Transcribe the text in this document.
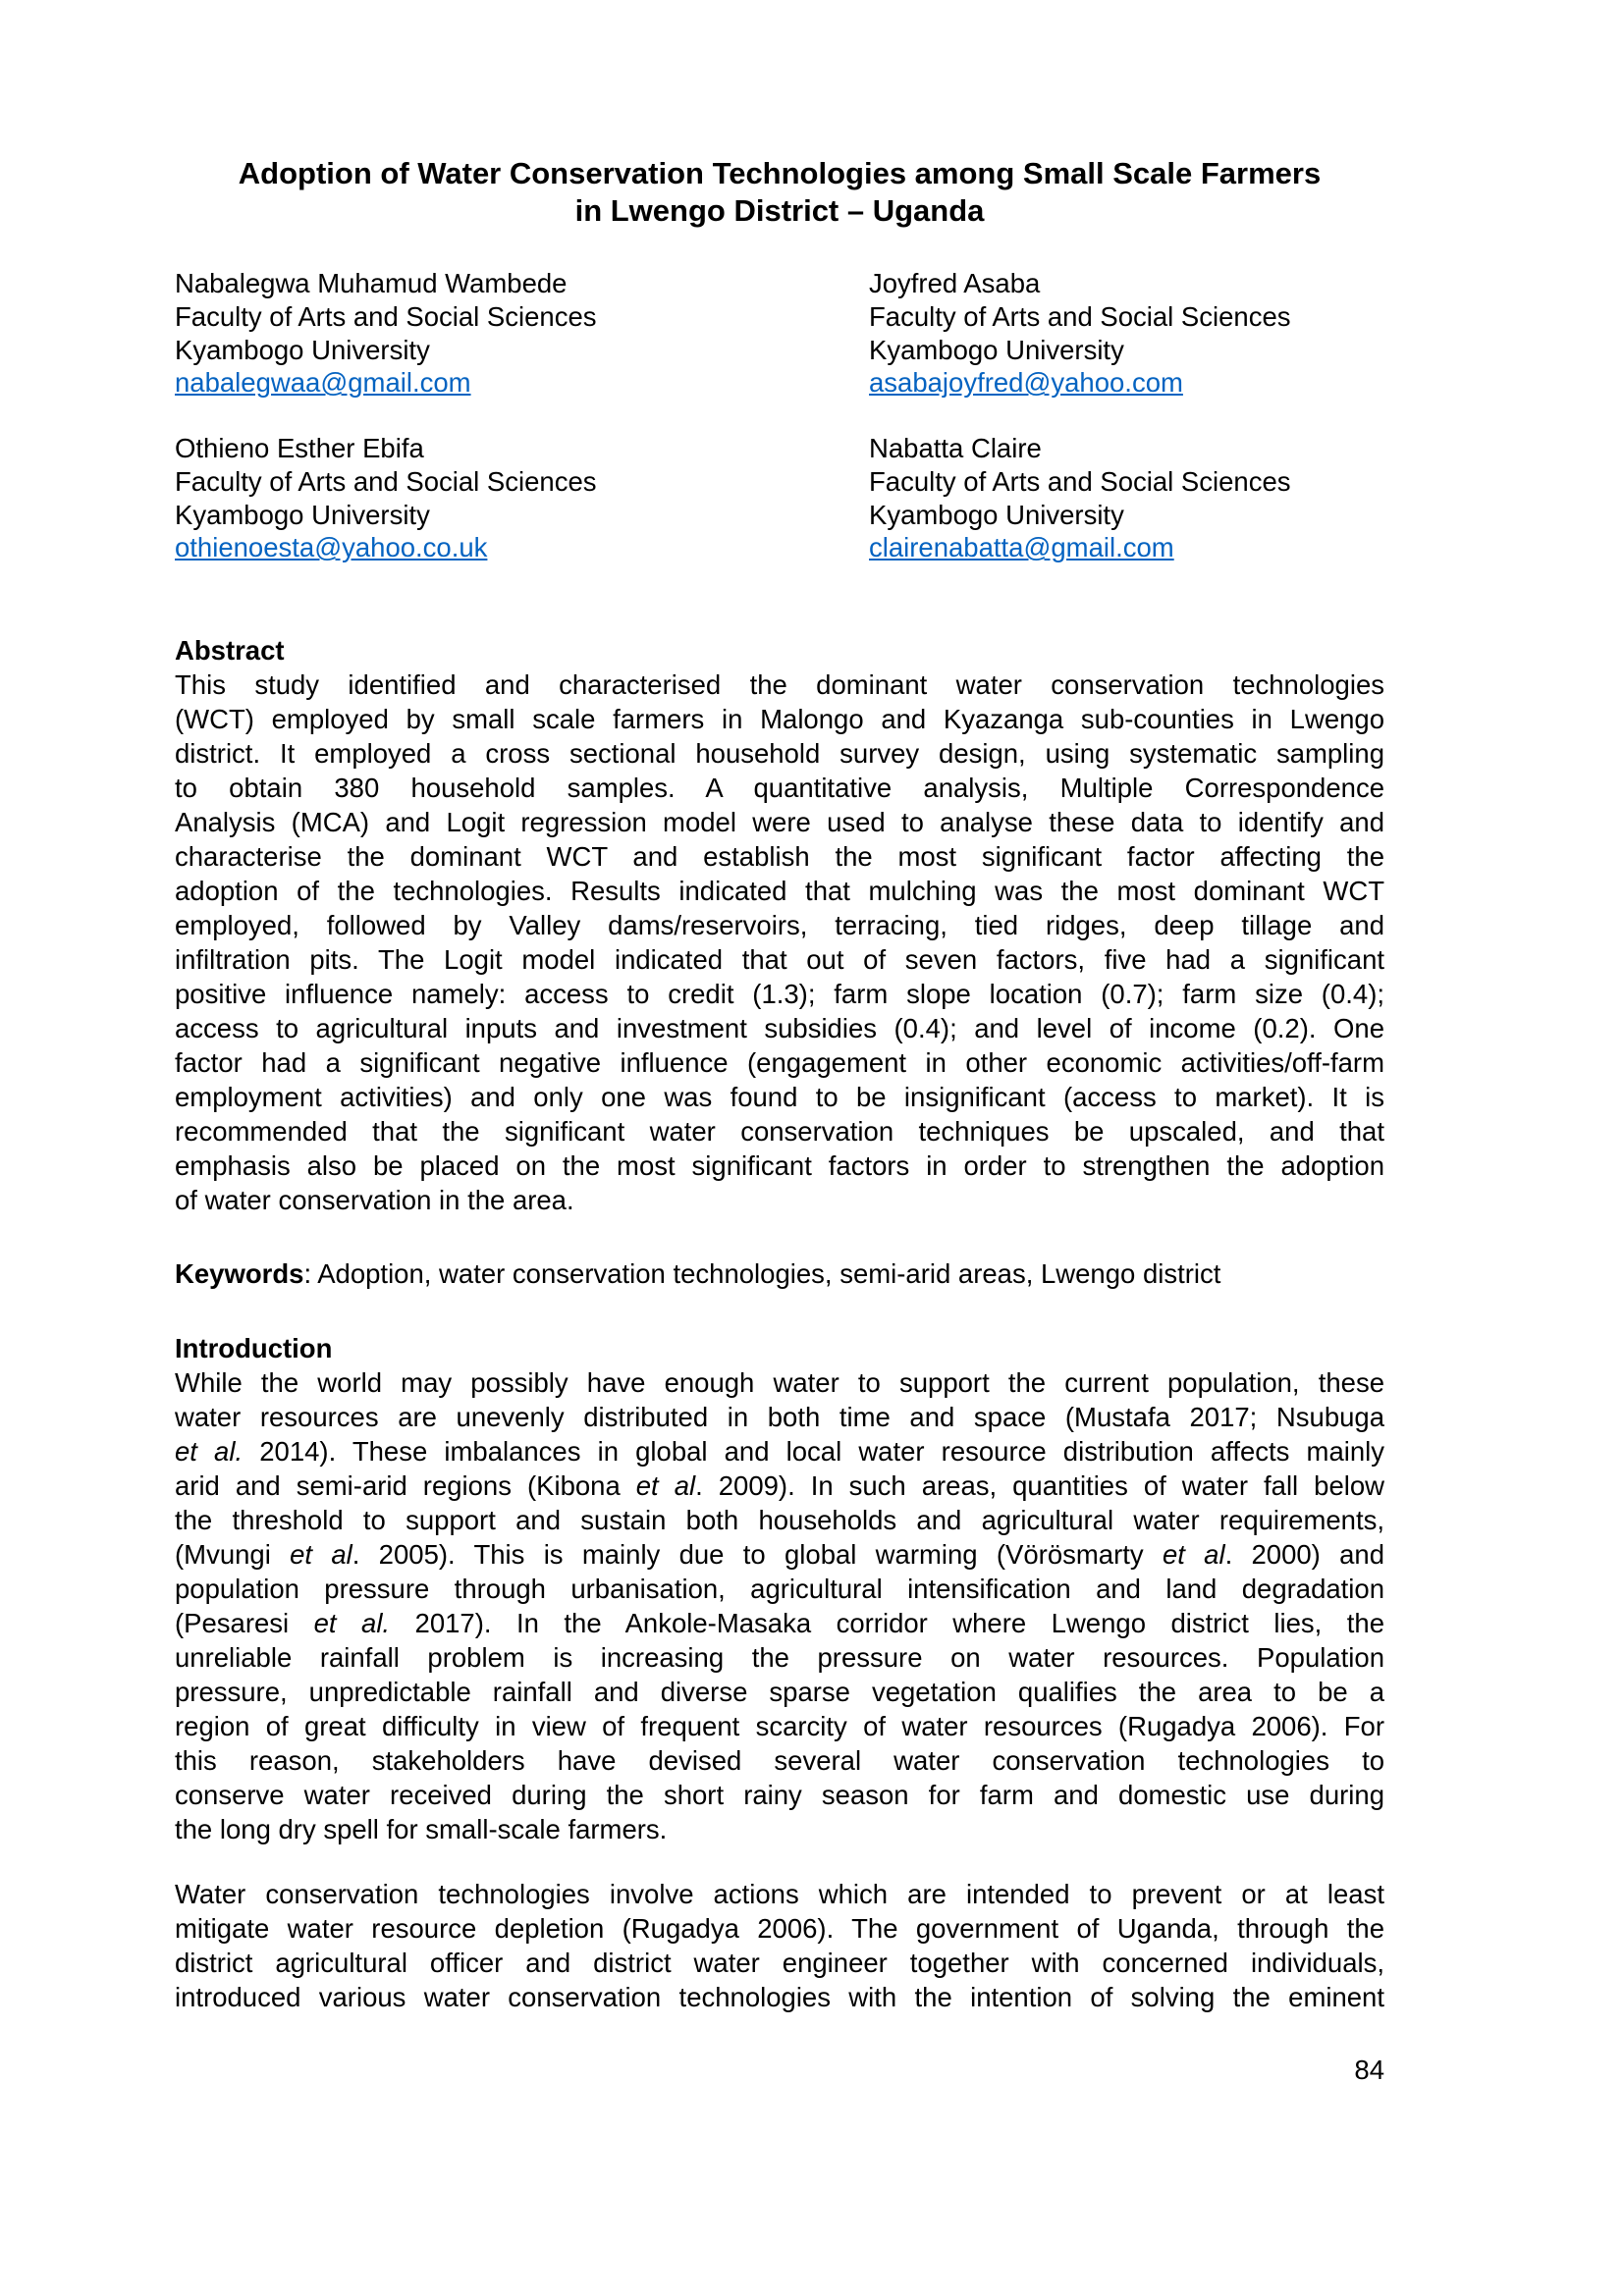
Adoption of Water Conservation Technologies among Small Scale Farmers
in Lwengo District – Uganda
Nabalegwa Muhamud Wambede
Faculty of Arts and Social Sciences
Kyambogo University
nabalegwaa@gmail.com
Joyfred Asaba
Faculty of Arts and Social Sciences
Kyambogo University
asabajoyfred@yahoo.com
Othieno Esther Ebifa
Faculty of Arts and Social Sciences
Kyambogo University
othienoesta@yahoo.co.uk
Nabatta Claire
Faculty of Arts and Social Sciences
Kyambogo University
clairenabatta@gmail.com
Abstract
This study identified and characterised the dominant water conservation technologies
(WCT) employed by small scale farmers in Malongo and Kyazanga sub-counties in Lwengo
district. It employed a cross sectional household survey design, using systematic sampling
to obtain 380 household samples. A quantitative analysis, Multiple Correspondence
Analysis (MCA) and Logit regression model were used to analyse these data to identify and
characterise the dominant WCT and establish the most significant factor affecting the
adoption of the technologies. Results indicated that mulching was the most dominant WCT
employed, followed by Valley dams/reservoirs, terracing, tied ridges, deep tillage and
infiltration pits. The Logit model indicated that out of seven factors, five had a significant
positive influence namely: access to credit (1.3); farm slope location (0.7); farm size (0.4);
access to agricultural inputs and investment subsidies (0.4); and level of income (0.2). One
factor had a significant negative influence (engagement in other economic activities/off-farm
employment activities) and only one was found to be insignificant (access to market). It is
recommended that the significant water conservation techniques be upscaled, and that
emphasis also be placed on the most significant factors in order to strengthen the adoption
of water conservation in the area.
Keywords: Adoption, water conservation technologies, semi-arid areas, Lwengo district
Introduction
While the world may possibly have enough water to support the current population, these
water resources are unevenly distributed in both time and space (Mustafa 2017; Nsubuga
et al. 2014). These imbalances in global and local water resource distribution affects mainly
arid and semi-arid regions (Kibona et al. 2009). In such areas, quantities of water fall below
the threshold to support and sustain both households and agricultural water requirements,
(Mvungi et al. 2005). This is mainly due to global warming (Vörösmarty et al. 2000) and
population pressure through urbanisation, agricultural intensification and land degradation
(Pesaresi et al. 2017). In the Ankole-Masaka corridor where Lwengo district lies, the
unreliable rainfall problem is increasing the pressure on water resources. Population
pressure, unpredictable rainfall and diverse sparse vegetation qualifies the area to be a
region of great difficulty in view of frequent scarcity of water resources (Rugadya 2006). For
this reason, stakeholders have devised several water conservation technologies to
conserve water received during the short rainy season for farm and domestic use during
the long dry spell for small-scale farmers.
Water conservation technologies involve actions which are intended to prevent or at least
mitigate water resource depletion (Rugadya 2006). The government of Uganda, through the
district agricultural officer and district water engineer together with concerned individuals,
introduced various water conservation technologies with the intention of solving the eminent
84
